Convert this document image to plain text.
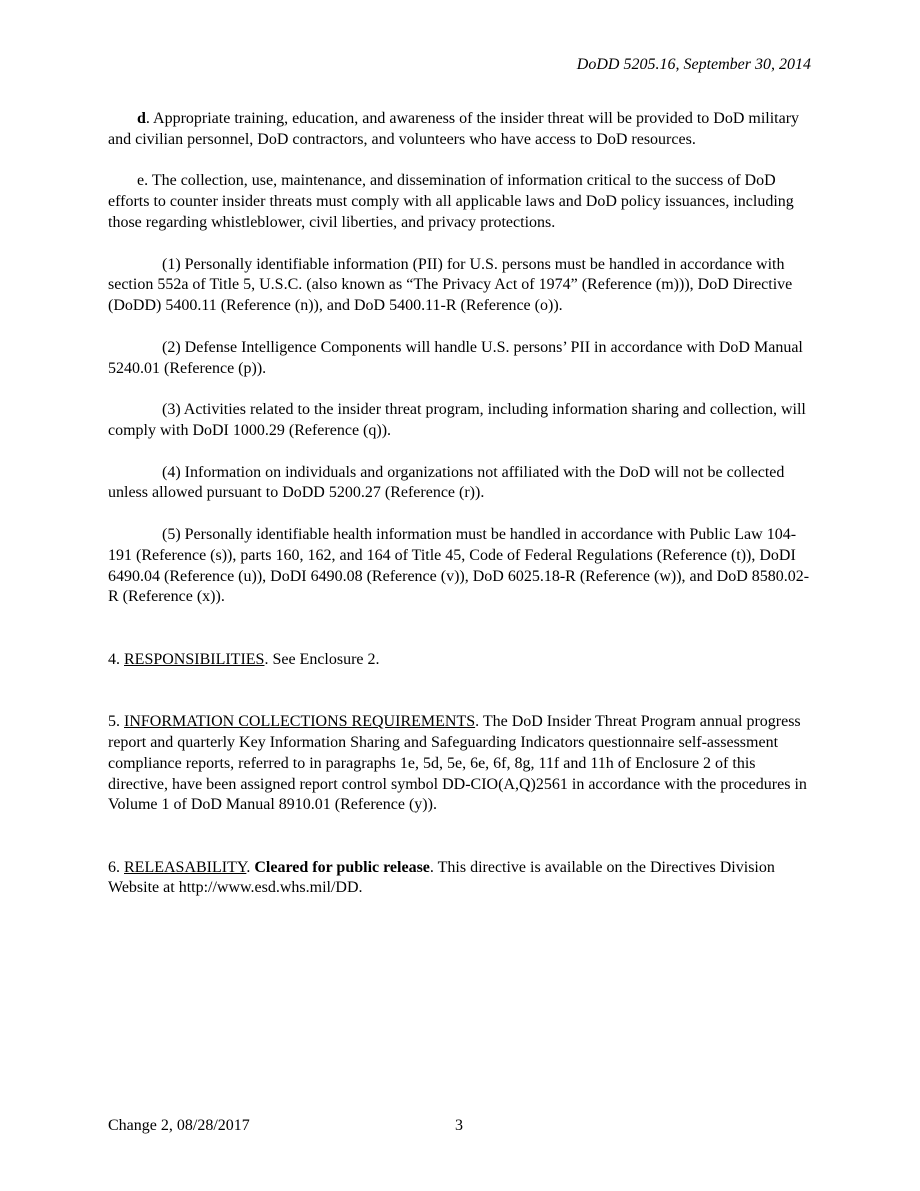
DoDD 5205.16, September 30, 2014

d. Appropriate training, education, and awareness of the insider threat will be provided to DoD military and civilian personnel, DoD contractors, and volunteers who have access to DoD resources.

e. The collection, use, maintenance, and dissemination of information critical to the success of DoD efforts to counter insider threats must comply with all applicable laws and DoD policy issuances, including those regarding whistleblower, civil liberties, and privacy protections.

(1) Personally identifiable information (PII) for U.S. persons must be handled in accordance with section 552a of Title 5, U.S.C. (also known as “The Privacy Act of 1974” (Reference (m))), DoD Directive (DoDD) 5400.11 (Reference (n)), and DoD 5400.11-R (Reference (o)).

(2) Defense Intelligence Components will handle U.S. persons’ PII in accordance with DoD Manual 5240.01 (Reference (p)).

(3) Activities related to the insider threat program, including information sharing and collection, will comply with DoDI 1000.29 (Reference (q)).

(4) Information on individuals and organizations not affiliated with the DoD will not be collected unless allowed pursuant to DoDD 5200.27 (Reference (r)).

(5) Personally identifiable health information must be handled in accordance with Public Law 104-191 (Reference (s)), parts 160, 162, and 164 of Title 45, Code of Federal Regulations (Reference (t)), DoDI 6490.04 (Reference (u)), DoDI 6490.08 (Reference (v)), DoD 6025.18-R (Reference (w)), and DoD 8580.02-R (Reference (x)).

4. RESPONSIBILITIES. See Enclosure 2.

5. INFORMATION COLLECTIONS REQUIREMENTS. The DoD Insider Threat Program annual progress report and quarterly Key Information Sharing and Safeguarding Indicators questionnaire self-assessment compliance reports, referred to in paragraphs 1e, 5d, 5e, 6e, 6f, 8g, 11f and 11h of Enclosure 2 of this directive, have been assigned report control symbol DD-CIO(A,Q)2561 in accordance with the procedures in Volume 1 of DoD Manual 8910.01 (Reference (y)).

6. RELEASABILITY. Cleared for public release. This directive is available on the Directives Division Website at http://www.esd.whs.mil/DD.

Change 2, 08/28/2017	3
